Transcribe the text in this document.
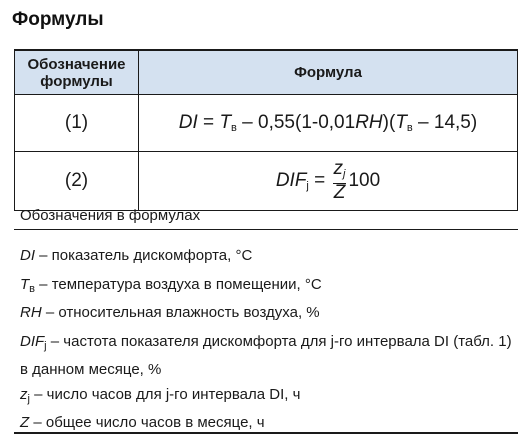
Формулы
Обозначение формулы	Формула
(1)	DI = $T_в - 0,55(1-0,01RH)(T_в - 14,5)$
(2)	DIFj = $\frac{zj}{Z} 100$
Обозначения в формулах
DI – показатель дискомфорта, °С
$T_в$ – температура воздуха в помещении, °С
RH – относительная влажность воздуха, %
$DIF_j$ – частота показателя дискомфорта для j-го интервала DI (табл. 1) в данном месяце, %
$z_j$ – число часов для j-го интервала DI, ч
Z – общее число часов в месяце, ч
